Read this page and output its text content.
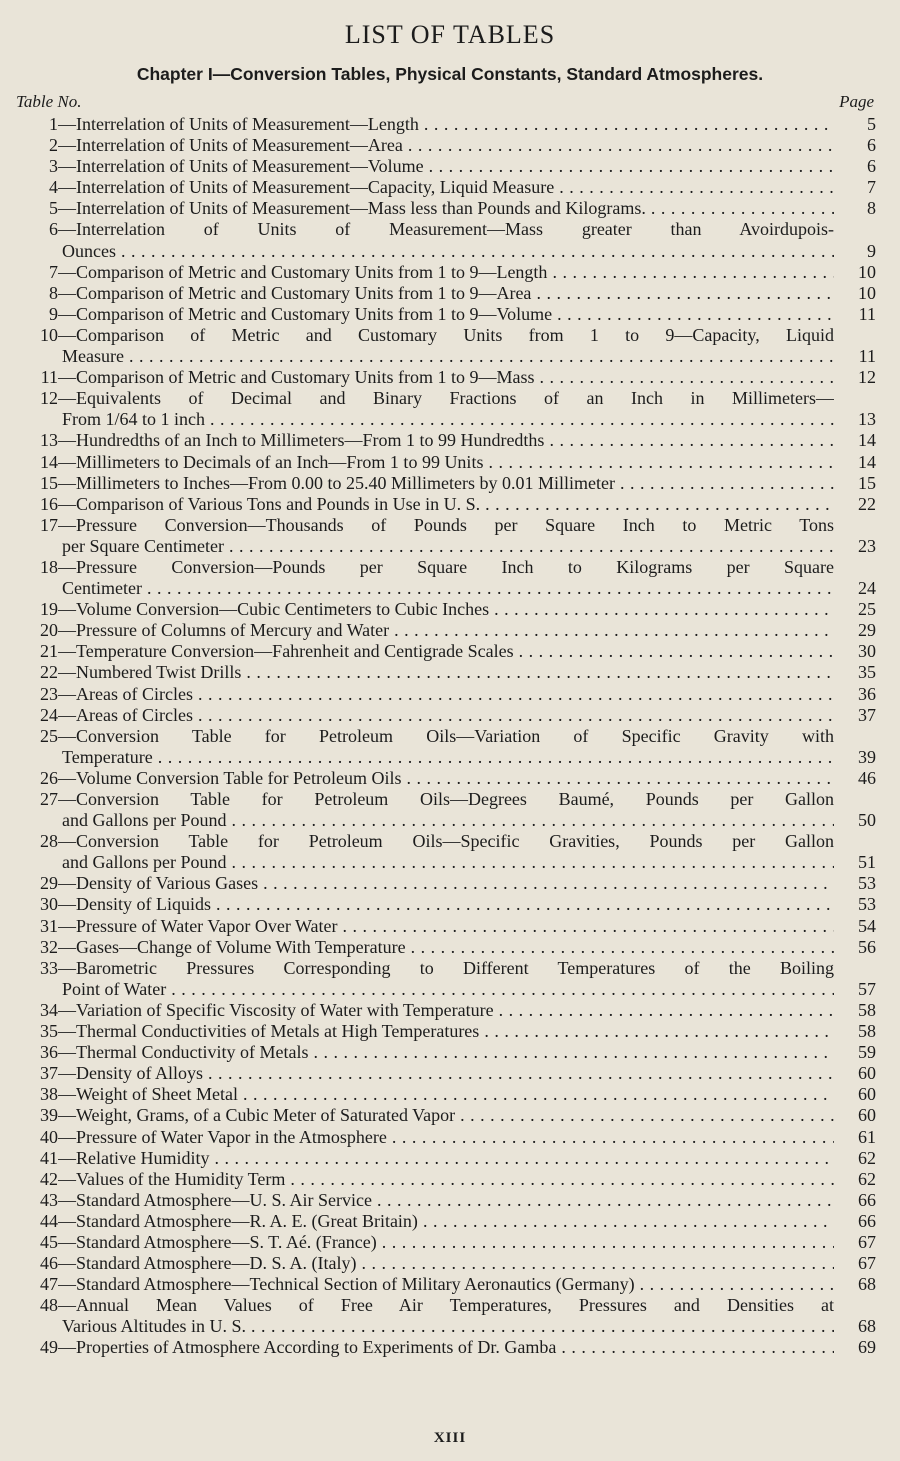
LIST OF TABLES
Chapter I—Conversion Tables, Physical Constants, Standard Atmospheres.
Table No.	Page
1 —Interrelation of Units of Measurement—Length . . .	5
2 —Interrelation of Units of Measurement—Area . . .	6
3 —Interrelation of Units of Measurement—Volume . . .	6
4 —Interrelation of Units of Measurement—Capacity, Liquid Measure . . .	7
5 —Interrelation of Units of Measurement—Mass less than Pounds and Kilograms. . . .	8
6 —Interrelation of Units of Measurement—Mass greater than Avoirdupois-
Ounces . . .	9
7 —Comparison of Metric and Customary Units from 1 to 9—Length . . .	10
8 —Comparison of Metric and Customary Units from 1 to 9—Area . . .	10
9 —Comparison of Metric and Customary Units from 1 to 9—Volume . . .	11
10 —Comparison of Metric and Customary Units from 1 to 9—Capacity, Liquid
Measure . . .	11
11 —Comparison of Metric and Customary Units from 1 to 9—Mass . . .	12
12 —Equivalents of Decimal and Binary Fractions of an Inch in Millimeters—
From 1/64 to 1 inch . . .	13
13 —Hundredths of an Inch to Millimeters—From 1 to 99 Hundredths . . .	14
14 —Millimeters to Decimals of an Inch—From 1 to 99 Units . . .	14
15 —Millimeters to Inches—From 0.00 to 25.40 Millimeters by 0.01 Millimeter . . .	15
16 —Comparison of Various Tons and Pounds in Use in U. S. . . .	22
17 —Pressure Conversion—Thousands of Pounds per Square Inch to Metric Tons
per Square Centimeter . . .	23
18 —Pressure Conversion—Pounds per Square Inch to Kilograms per Square
Centimeter . . .	24
19 —Volume Conversion—Cubic Centimeters to Cubic Inches . . .	25
20 —Pressure of Columns of Mercury and Water . . .	29
21 —Temperature Conversion—Fahrenheit and Centigrade Scales . . .	30
22 —Numbered Twist Drills . . .	35
23 —Areas of Circles . . .	36
24 —Areas of Circles . . .	37
25 —Conversion Table for Petroleum Oils—Variation of Specific Gravity with
Temperature . . .	39
26 —Volume Conversion Table for Petroleum Oils . . .	46
27 —Conversion Table for Petroleum Oils—Degrees Baumé, Pounds per Gallon
and Gallons per Pound . . .	50
28 —Conversion Table for Petroleum Oils—Specific Gravities, Pounds per Gallon
and Gallons per Pound . . .	51
29 —Density of Various Gases . . .	53
30 —Density of Liquids . . .	53
31 —Pressure of Water Vapor Over Water . . .	54
32 —Gases—Change of Volume With Temperature . . .	56
33 —Barometric Pressures Corresponding to Different Temperatures of the Boiling
Point of Water . . .	57
34 —Variation of Specific Viscosity of Water with Temperature . . .	58
35 —Thermal Conductivities of Metals at High Temperatures . . .	58
36 —Thermal Conductivity of Metals . . .	59
37 —Density of Alloys . . .	60
38 —Weight of Sheet Metal . . .	60
39 —Weight, Grams, of a Cubic Meter of Saturated Vapor . . .	60
40 —Pressure of Water Vapor in the Atmosphere . . .	61
41 —Relative Humidity . . .	62
42 —Values of the Humidity Term . . .	62
43 —Standard Atmosphere—U. S. Air Service . . .	66
44 —Standard Atmosphere—R. A. E. (Great Britain) . . .	66
45 —Standard Atmosphere—S. T. Aé. (France) . . .	67
46 —Standard Atmosphere—D. S. A. (Italy) . . .	67
47 —Standard Atmosphere—Technical Section of Military Aeronautics (Germany) . . .	68
48 —Annual Mean Values of Free Air Temperatures, Pressures and Densities at
Various Altitudes in U. S. . . .	68
49 —Properties of Atmosphere According to Experiments of Dr. Gamba . . .	69
XIII
